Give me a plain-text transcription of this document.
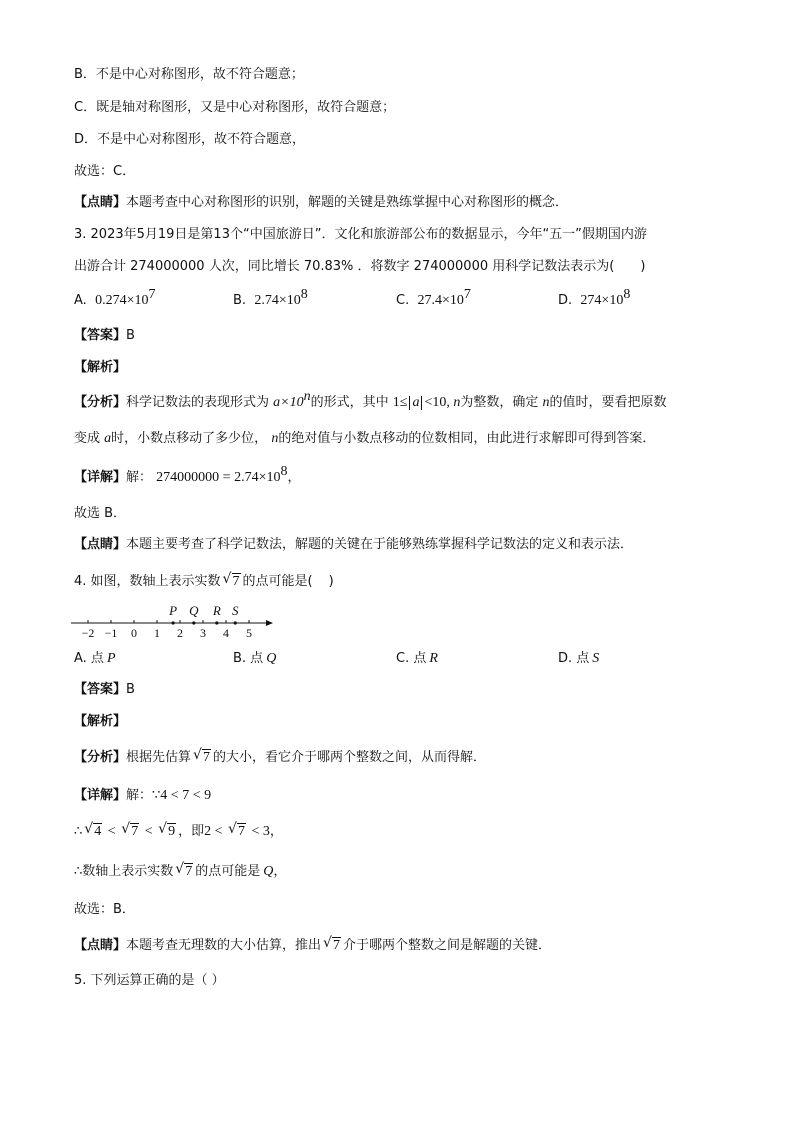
B．不是中心对称图形，故不符合题意；
C．既是轴对称图形，又是中心对称图形，故符合题意；
D．不是中心对称图形，故不符合题意，
故选：C．
【点睛】本题考查中心对称图形的识别，解题的关键是熟练掌握中心对称图形的概念．
3. 2023年5月19日是第13个“中国旅游日”．文化和旅游部公布的数据显示，今年“五一”假期国内游
出游合计 274000000 人次，同比增长 70.83% ．将数字 274000000 用科学记数法表示为( )
A. $0.274\times 10^7$	B. $2.74\times 10^8$	C. $27.4\times 10^7$	D. $274\times 10^8$
【答案】B
【解析】
【分析】科学记数法的表现形式为 $a\times 10^n$的形式，其中 1≤ a <10, n为整数，确定 n的值时，要看把原数
变成 a时，小数点移动了多少位， n的绝对值与小数点移动的位数相同，由此进行求解即可得到答案．
【详解】解： $274000000 = 2.74\times 10^8$，
故选 B．
【点睛】本题主要考查了科学记数法，解题的关键在于能够熟练掌握科学记数法的定义和表示法．
4. 如图，数轴上表示实数 √ 7 的点可能是( )
−2 −1 0 1 2 3 4 5
P Q R S
A. 点 P	B. 点 Q	C. 点 R	D. 点 S
【答案】B
【解析】
【分析】根据先估算 √ 7 的大小，看它介于哪两个整数之间，从而得解．
【详解】解：∵4 < 7 < 9
∴ √ 4 < √ 7 < √ 9 ，即2 < √ 7 < 3，
∴数轴上表示实数 √ 7 的点可能是 Q，
故选：B．
【点睛】本题考查无理数的大小估算，推出 √ 7 介于哪两个整数之间是解题的关键．
5. 下列运算正确的是（ ）
